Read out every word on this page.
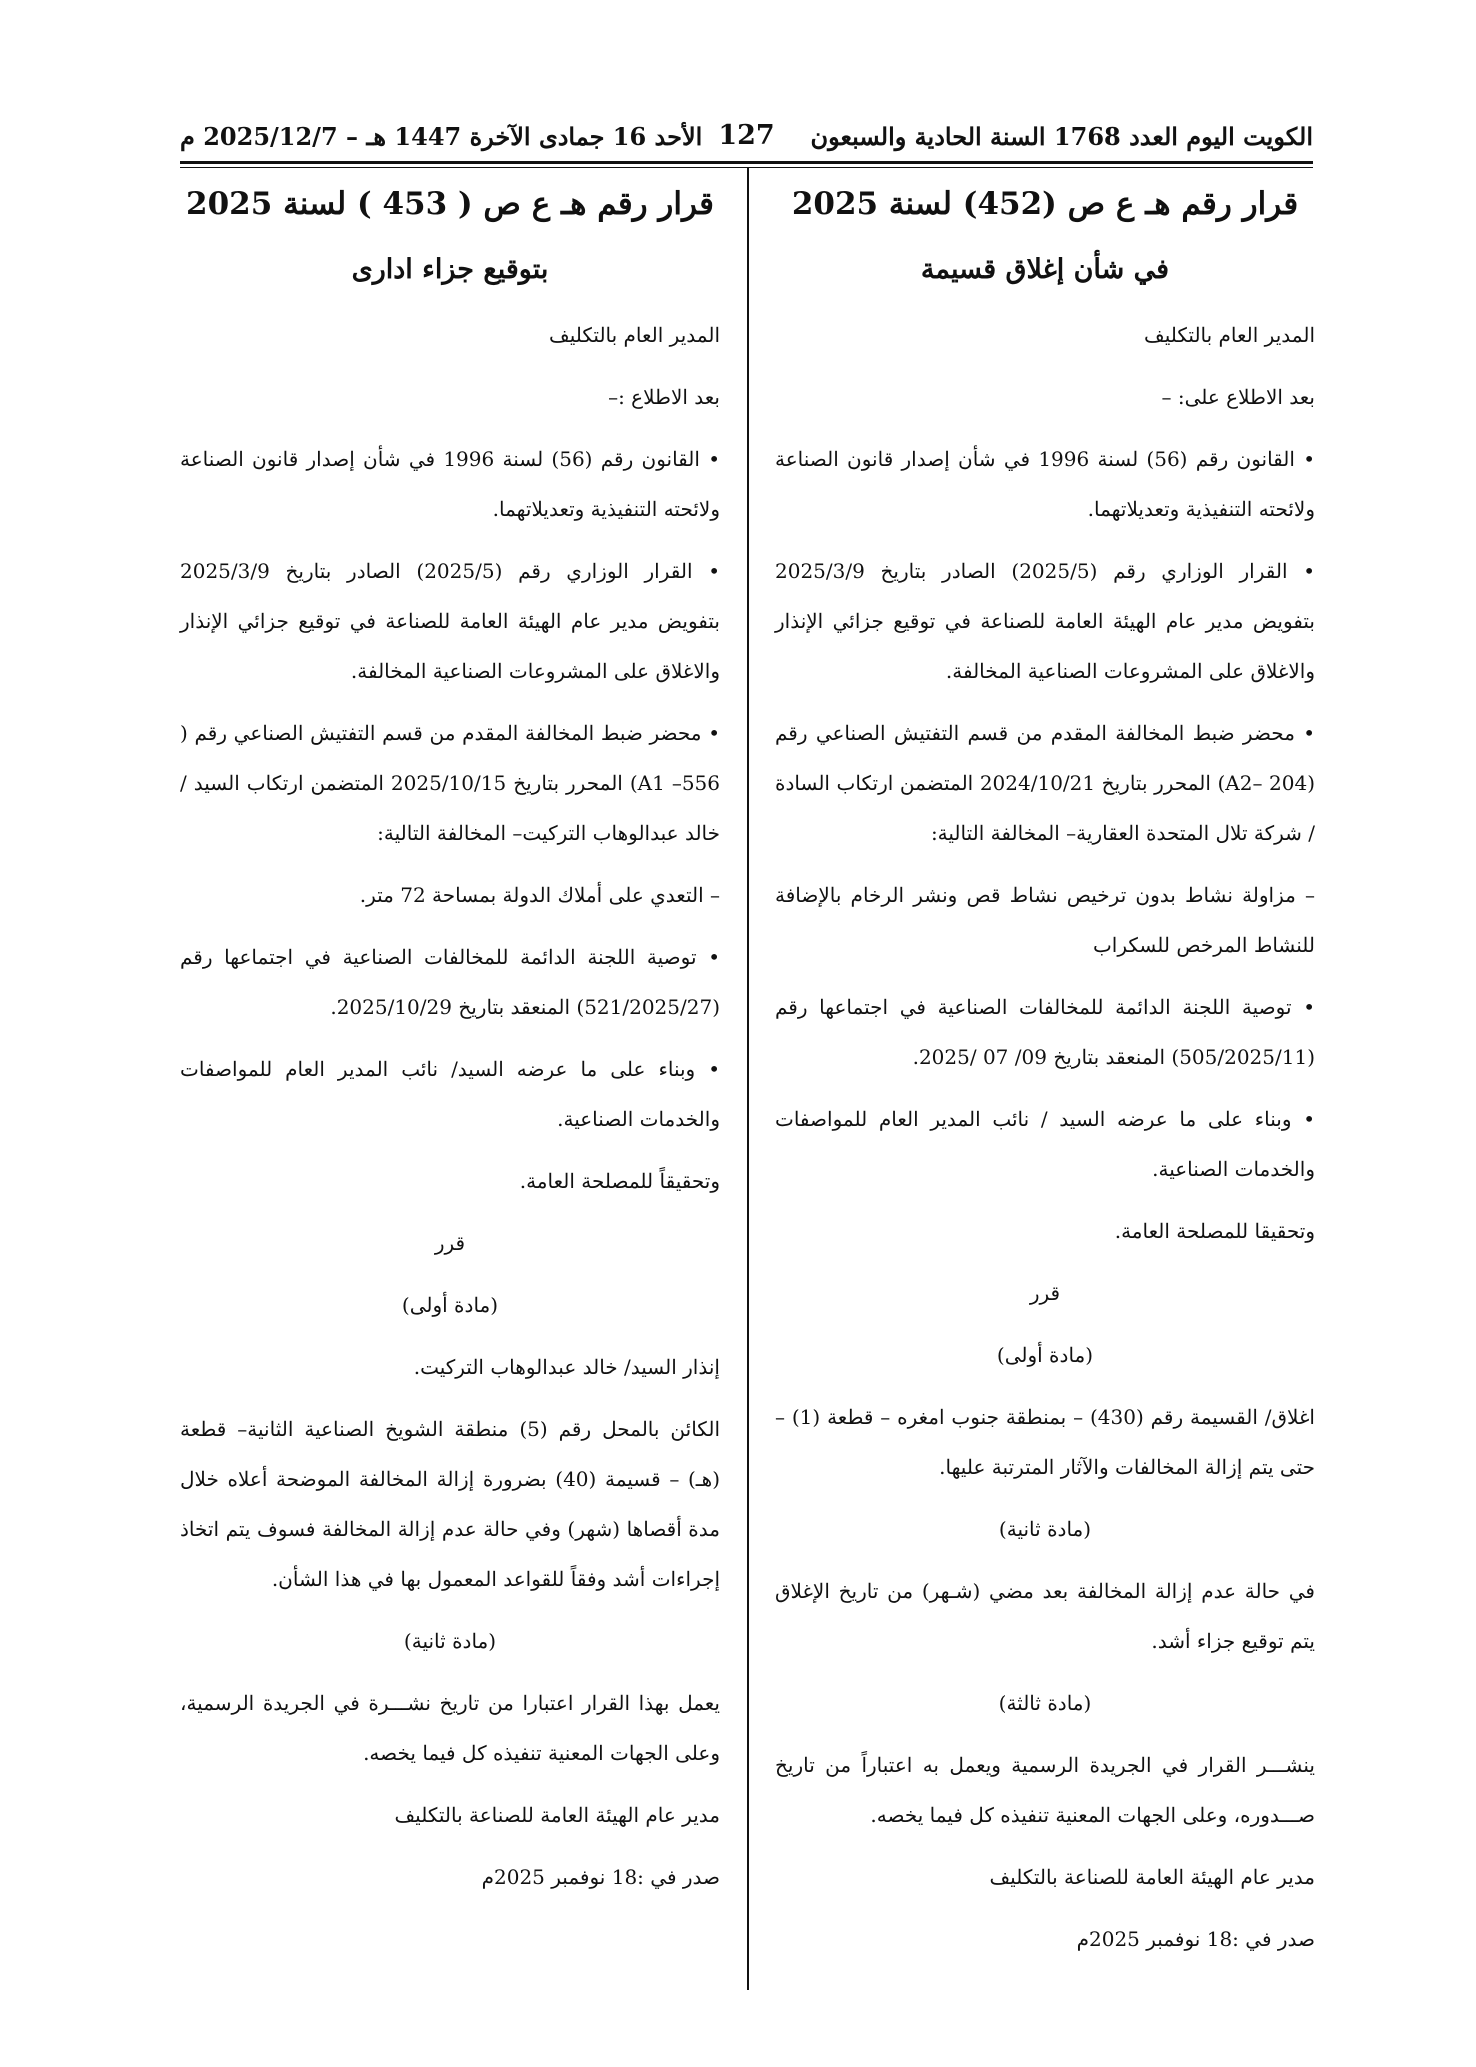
الكويت اليوم العدد 1768 السنة الحادية والسبعون
127
الأحد 16 جمادى الآخرة 1447 هـ – 2025/12/7 م

قرار رقم هـ ع ص (452) لسنة 2025

في شأن إغلاق قسيمة

المدير العام بالتكليف

بعد الاطلاع على: –

• القانون رقم (56) لسنة 1996 في شأن إصدار قانون الصناعة ولائحته التنفيذية وتعديلاتهما.

• القرار الوزاري رقم (2025/5) الصادر بتاريخ 2025/3/9 بتفويض مدير عام الهيئة العامة للصناعة في توقيع جزائي الإنذار والاغلاق على المشروعات الصناعية المخالفة.

• محضر ضبط المخالفة المقدم من قسم التفتيش الصناعي رقم (A2– 204) المحرر بتاريخ 2024/10/21 المتضمن ارتكاب السادة / شركة تلال المتحدة العقارية– المخالفة التالية:

– مزاولة نشاط بدون ترخيص نشاط قص ونشر الرخام بالإضافة للنشاط المرخص للسكراب

• توصية اللجنة الدائمة للمخالفات الصناعية في اجتماعها رقم (505/2025/11) المنعقد بتاريخ 09/ 07 /2025.

• وبناء على ما عرضه السيد / نائب المدير العام للمواصفات والخدمات الصناعية.

وتحقيقا للمصلحة العامة.

قرر

(مادة أولى)

اغلاق/ القسيمة رقم (430) – بمنطقة جنوب امغره – قطعة (1) – حتى يتم إزالة المخالفات والآثار المترتبة عليها.

(مادة ثانية)

في حالة عدم إزالة المخالفة بعد مضي (شـهر) من تاريخ الإغلاق يتم توقيع جزاء أشد.

(مادة ثالثة)

ينشـــر القرار في الجريدة الرسمية ويعمل به اعتباراً من تاريخ صـــدوره، وعلى الجهات المعنية تنفيذه كل فيما يخصه.

مدير عام الهيئة العامة للصناعة بالتكليف

صدر في :18 نوفمبر 2025م

قرار رقم هـ ع ص ( 453 ) لسنة 2025

بتوقيع جزاء اداری

المدير العام بالتكليف

بعد الاطلاع :–

• القانون رقم (56) لسنة 1996 في شأن إصدار قانون الصناعة ولائحته التنفيذية وتعديلاتهما.

• القرار الوزاري رقم (2025/5) الصادر بتاريخ 2025/3/9 بتفويض مدير عام الهيئة العامة للصناعة في توقيع جزائي الإنذار والاغلاق على المشروعات الصناعية المخالفة.

• محضر ضبط المخالفة المقدم من قسم التفتيش الصناعي رقم ( A1 –556) المحرر بتاريخ 2025/10/15 المتضمن ارتكاب السيد / خالد عبدالوهاب التركيت– المخالفة التالية:

– التعدي على أملاك الدولة بمساحة 72 متر.

• توصية اللجنة الدائمة للمخالفات الصناعية في اجتماعها رقم (521/2025/27) المنعقد بتاريخ 2025/10/29.

• وبناء على ما عرضه السيد/ نائب المدير العام للمواصفات والخدمات الصناعية.

وتحقيقاً للمصلحة العامة.

قرر

(مادة أولى)

إنذار السيد/ خالد عبدالوهاب التركيت.

الكائن بالمحل رقم (5) منطقة الشويخ الصناعية الثانية– قطعة (هـ) – قسيمة (40) بضرورة إزالة المخالفة الموضحة أعلاه خلال مدة أقصاها (شهر) وفي حالة عدم إزالة المخالفة فسوف يتم اتخاذ إجراءات أشد وفقاً للقواعد المعمول بها في هذا الشأن.

(مادة ثانية)

يعمل بهذا القرار اعتبارا من تاريخ نشـــرة في الجريدة الرسمية، وعلى الجهات المعنية تنفيذه كل فيما يخصه.

مدير عام الهيئة العامة للصناعة بالتكليف

صدر في :18 نوفمبر 2025م
